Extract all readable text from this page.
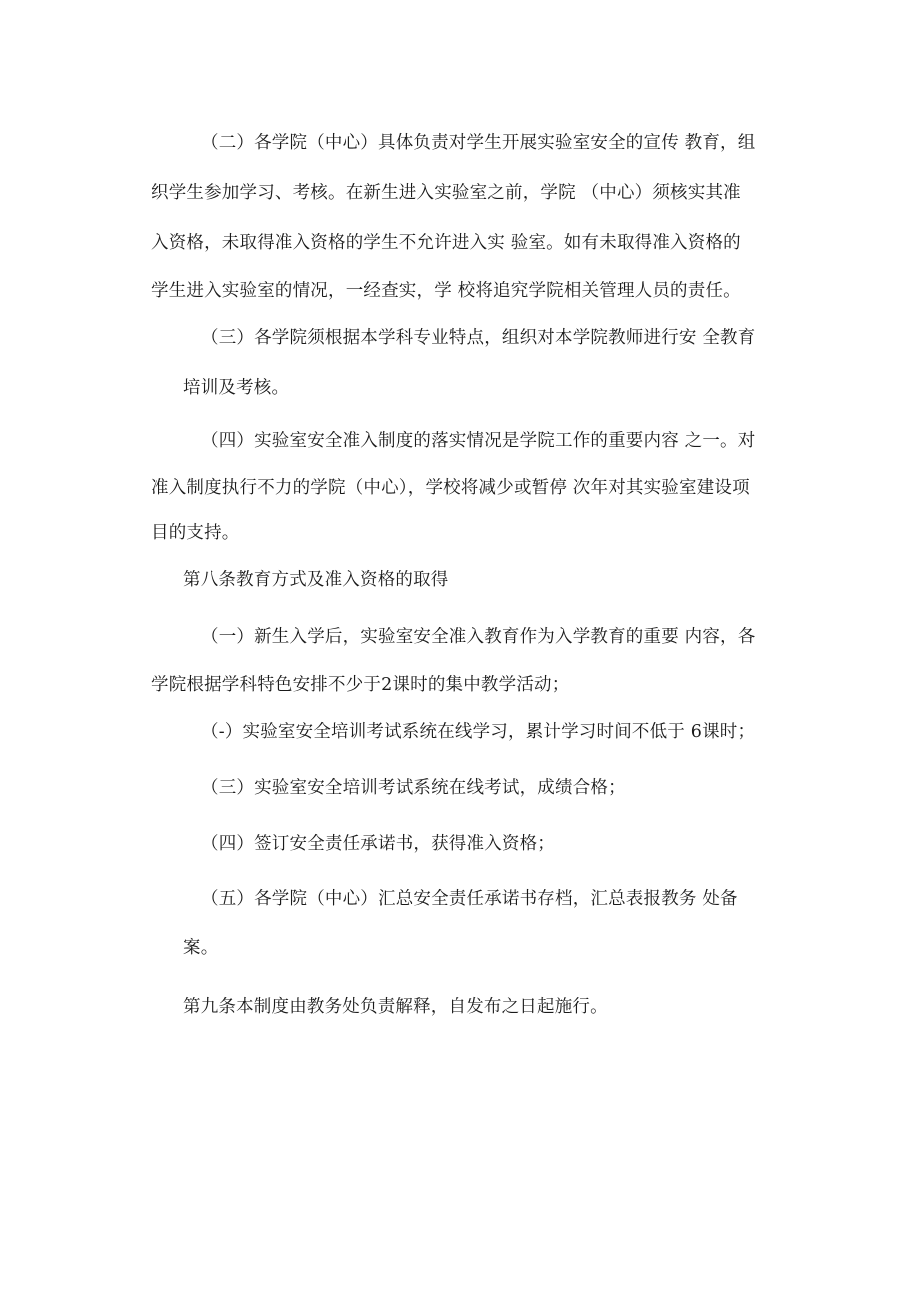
（二）各学院（中心）具体负责对学生开展实验室安全的宣传 教育，组
织学生参加学习、考核。在新生进入实验室之前，学院 （中心）须核实其准
入资格，未取得准入资格的学生不允许进入实 验室。如有未取得准入资格的
学生进入实验室的情况，一经查实，学 校将追究学院相关管理人员的责任。
（三）各学院须根据本学科专业特点，组织对本学院教师进行安 全教育
培训及考核。
（四）实验室安全准入制度的落实情况是学院工作的重要内容 之一。对
准入制度执行不力的学院（中心），学校将减少或暂停 次年对其实验室建设项
目的支持。
第八条教育方式及准入资格的取得
（一）新生入学后，实验室安全准入教育作为入学教育的重要 内容，各
学院根据学科特色安排不少于2课时的集中教学活动；
（-）实验室安全培训考试系统在线学习，累计学习时间不低于 6课时；
（三）实验室安全培训考试系统在线考试，成绩合格；
（四）签订安全责任承诺书，获得准入资格；
（五）各学院（中心）汇总安全责任承诺书存档，汇总表报教务 处备
案。
第九条本制度由教务处负责解释，自发布之日起施行。
